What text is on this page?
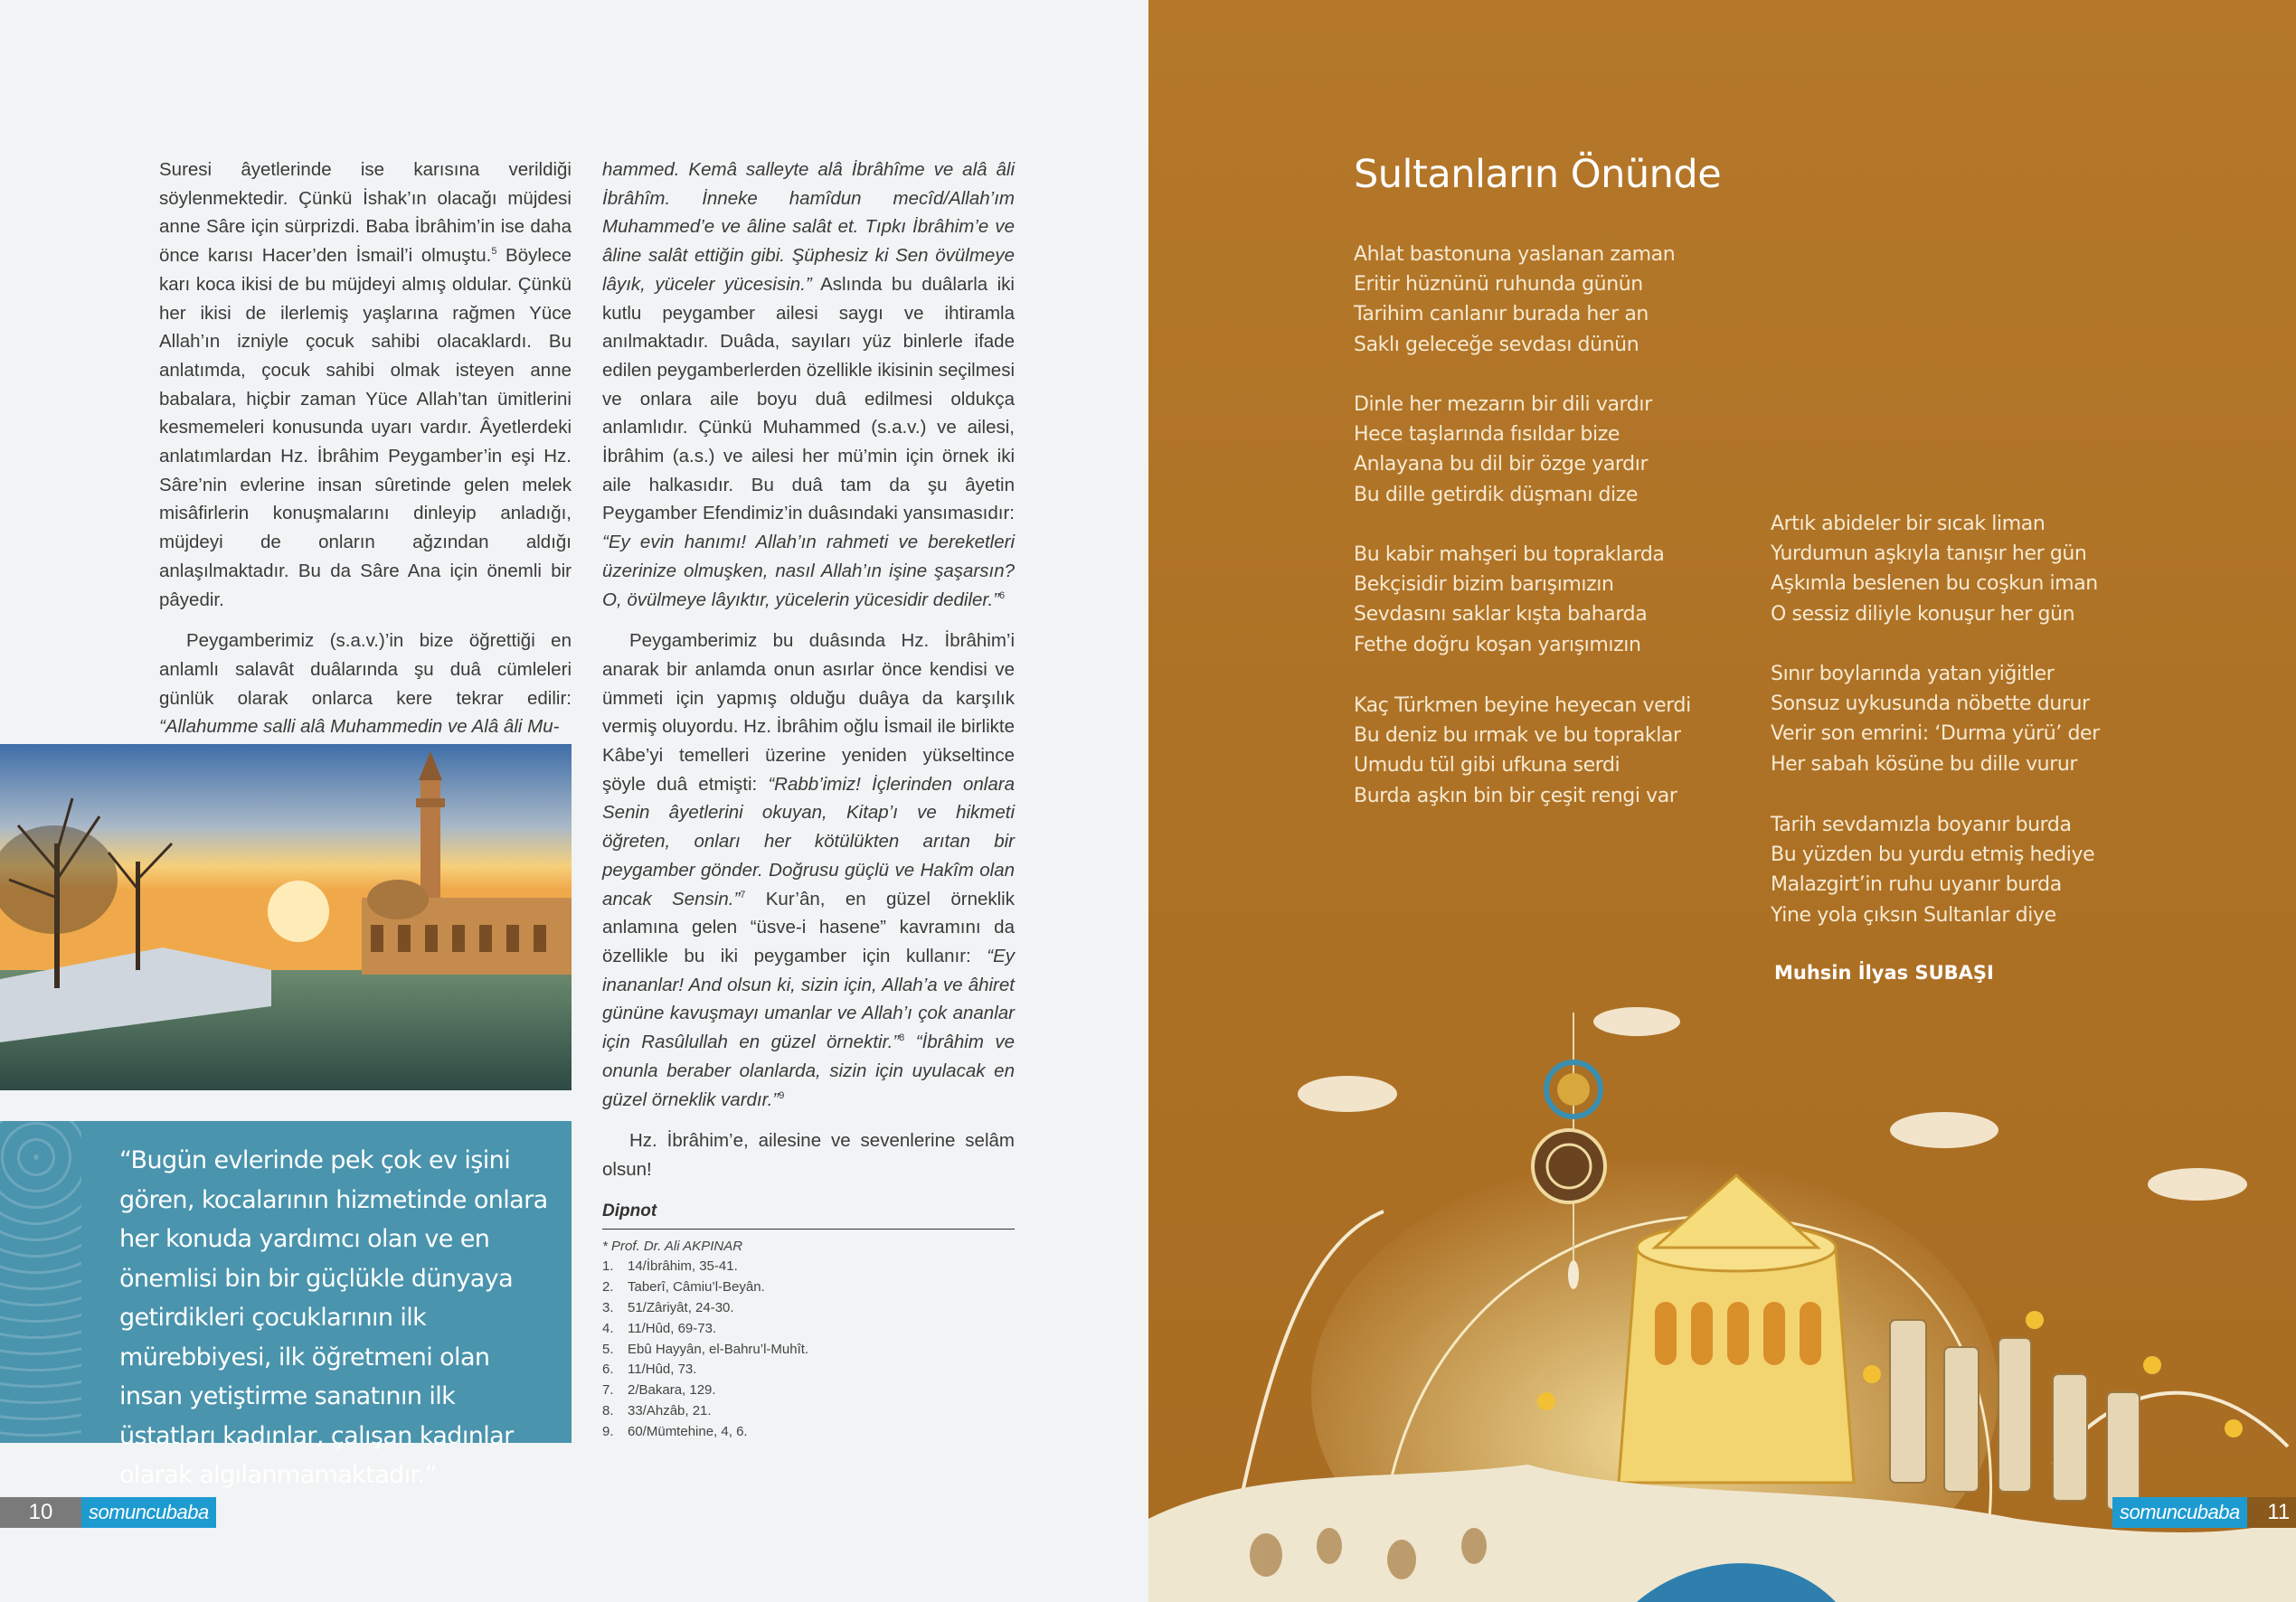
Suresi âyetlerinde ise karısına verildiği söylenmektedir. Çünkü İshak’ın olacağı müjdesi anne Sâre için sürprizdi. Baba İbrâhim’in ise daha önce karısı Hacer’den İsmail’i olmuştu.$^5$ Böylece karı koca ikisi de bu müjdeyi almış oldular. Çünkü her ikisi de ilerlemiş yaşlarına rağmen Yüce Allah’ın izniyle çocuk sahibi olacaklardı. Bu anlatımda, çocuk sahibi olmak isteyen anne babalara, hiçbir zaman Yüce Allah’tan ümitlerini kesmemeleri konusunda uyarı vardır. Âyetlerdeki anlatımlardan Hz. İbrâhim Peygamber’in eşi Hz. Sâre’nin evlerine insan sûretinde gelen melek misâfirlerin konuşmalarını dinleyip anladığı, müjdeyi de onların ağzından aldığı anlaşılmaktadır. Bu da Sâre Ana için önemli bir pâyedir.

Peygamberimiz (s.a.v.)’in bize öğrettiği en anlamlı salavât duâlarında şu duâ cümleleri günlük olarak onlarca kere tekrar edilir: “Allahumme salli alâ Muhammedin ve Alâ âli Mu-

“Bugün evlerinde pek çok ev işini gören, kocalarının hizmetinde onlara her konuda yardımcı olan ve en önemlisi bin bir güçlükle dünyaya getirdikleri çocuklarının ilk mürebbiyesi, ilk öğretmeni olan insan yetiştirme sanatının ilk üstatları kadınlar, çalışan kadınlar olarak algılanmamaktadır.”

hammed. Kemâ salleyte alâ İbrâhîme ve alâ âli İbrâhîm. İnneke hamîdun mecîd/Allah’ım Muhammed’e ve âline salât et. Tıpkı İbrâhim’e ve âline salât ettiğin gibi. Şüphesiz ki Sen övülmeye lâyık, yüceler yücesisin.” Aslında bu duâlarla iki kutlu peygamber ailesi saygı ve ihtiramla anılmaktadır. Duâda, sayıları yüz binlerle ifade edilen peygamberlerden özellikle ikisinin seçilmesi ve onlara aile boyu duâ edilmesi oldukça anlamlıdır. Çünkü Muhammed (s.a.v.) ve ailesi, İbrâhim (a.s.) ve ailesi her mü’min için örnek iki aile halkasıdır. Bu duâ tam da şu âyetin Peygamber Efendimiz’in duâsındaki yansımasıdır: “Ey evin hanımı! Allah’ın rahmeti ve bereketleri üzerinize olmuşken, nasıl Allah’ın işine şaşarsın? O, övülmeye lâyıktır, yücelerin yücesidir dediler.”$^6$

Peygamberimiz bu duâsında Hz. İbrâhim’i anarak bir anlamda onun asırlar önce kendisi ve ümmeti için yapmış olduğu duâya da karşılık vermiş oluyordu. Hz. İbrâhim oğlu İsmail ile birlikte Kâbe’yi temelleri üzerine yeniden yükseltince şöyle duâ etmişti: “Rabb’imiz! İçlerinden onlara Senin âyetlerini okuyan, Kitap’ı ve hikmeti öğreten, onları her kötülükten arıtan bir peygamber gönder. Doğrusu güçlü ve Hakîm olan ancak Sensin.”$^7$ Kur’ân, en güzel örneklik anlamına gelen “üsve-i hasene” kavramını da özellikle bu iki peygamber için kullanır: “Ey inananlar! And olsun ki, sizin için, Allah’a ve âhiret gününe kavuşmayı umanlar ve Allah’ı çok ananlar için Rasûlullah en güzel örnektir.”$^8$ “İbrâhim ve onunla beraber olanlarda, sizin için uyulacak en güzel örneklik vardır.”$^9$

Hz. İbrâhim’e, ailesine ve sevenlerine selâm olsun!

Dipnot
* Prof. Dr. Ali AKPINAR
1.	14/İbrâhim, 35-41.
2.	Taberî, Câmiu’l-Beyân.
3.	51/Zâriyât, 24-30.
4.	11/Hûd, 69-73.
5.	Ebû Hayyân, el-Bahru’l-Muhît.
6.	11/Hûd, 73.
7.	2/Bakara, 129.
8.	33/Ahzâb, 21.
9.	60/Mümtehine, 4, 6.
10	somuncubaba	somuncubaba	11
Sultanların Önünde
Ahlat bastonuna yaslanan zaman
Eritir hüznünü ruhunda günün
Tarihim canlanır burada her an
Saklı geleceğe sevdası dünün
Dinle her mezarın bir dili vardır
Hece taşlarında fısıldar bize
Anlayana bu dil bir özge yardır
Bu dille getirdik düşmanı dize
Bu kabir mahşeri bu topraklarda
Bekçisidir bizim barışımızın
Sevdasını saklar kışta baharda
Fethe doğru koşan yarışımızın
Kaç Türkmen beyine heyecan verdi
Bu deniz bu ırmak ve bu topraklar
Umudu tül gibi ufkuna serdi
Burda aşkın bin bir çeşit rengi var
Artık abideler bir sıcak liman
Yurdumun aşkıyla tanışır her gün
Aşkımla beslenen bu coşkun iman
O sessiz diliyle konuşur her gün
Sınır boylarında yatan yiğitler
Sonsuz uykusunda nöbette durur
Verir son emrini: ‘Durma yürü’ der
Her sabah kösüne bu dille vurur
Tarih sevdamızla boyanır burda
Bu yüzden bu yurdu etmiş hediye
Malazgirt’in ruhu uyanır burda
Yine yola çıksın Sultanlar diye
Muhsin İlyas SUBAŞI
